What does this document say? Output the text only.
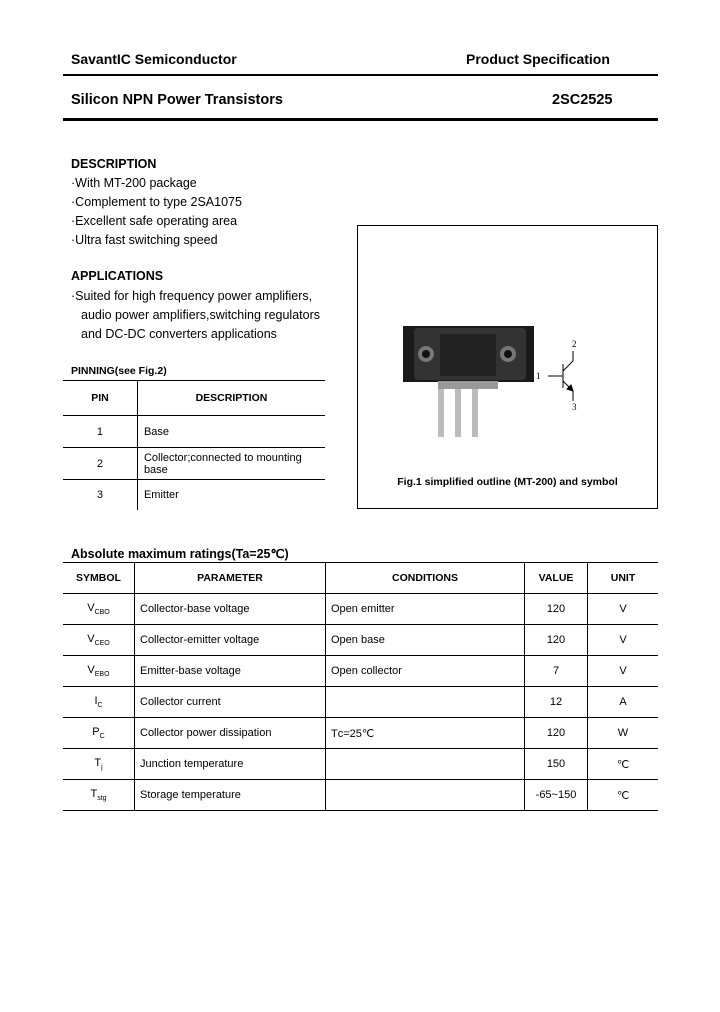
SavantIC Semiconductor	Product Specification
Silicon NPN Power Transistors	2SC2525
DESCRIPTION
·With MT-200 package
·Complement to type 2SA1075
·Excellent safe operating area
·Ultra fast switching speed
APPLICATIONS
·Suited for high frequency power amplifiers,
audio power amplifiers,switching regulators
and DC-DC converters applications
PINNING(see Fig.2)
PIN	DESCRIPTION
1	Base
2	Collector;connected to mounting base
3	Emitter
1
2
3
Fig.1 simplified outline (MT-200) and symbol
Absolute maximum ratings(Ta=25℃)
SYMBOL	PARAMETER	CONDITIONS	VALUE	UNIT
$V_{CBO}$	Collector-base voltage	Open emitter	120	V
$V_{CEO}$	Collector-emitter voltage	Open base	120	V
$V_{EBO}$	Emitter-base voltage	Open collector	7	V
$I_C$	Collector current		12	A
$P_C$	Collector power dissipation	Tᴄ=25℃	120	W
$T_j$	Junction temperature		150	℃
$T_{stg}$	Storage temperature		-65~150	℃
